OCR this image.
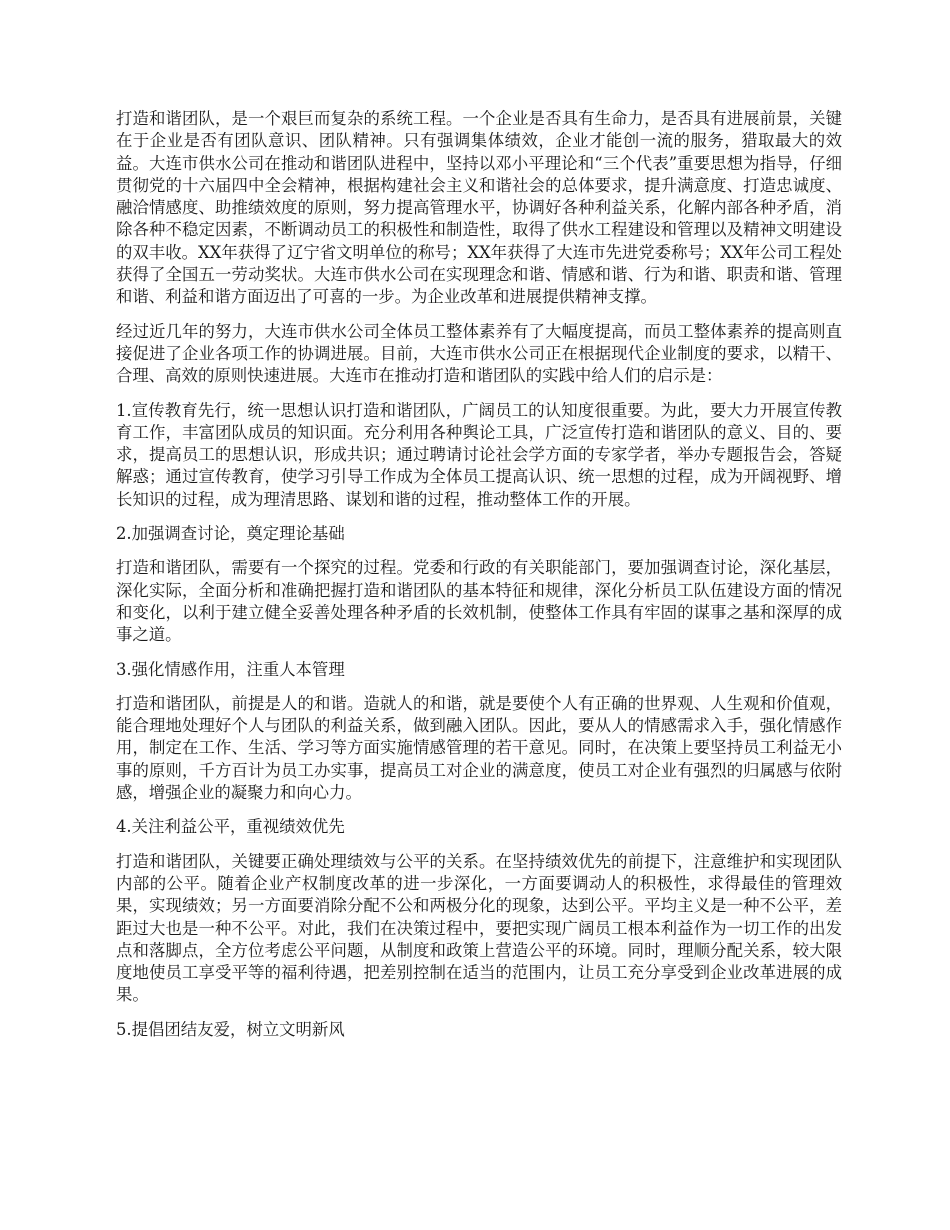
打造和谐团队，是一个艰巨而复杂的系统工程。一个企业是否具有生命力，是否具有进展前景，关键在于企业是否有团队意识、团队精神。只有强调集体绩效，企业才能创一流的服务，猎取最大的效益。大连市供水公司在推动和谐团队进程中，坚持以邓小平理论和“三个代表”重要思想为指导，仔细贯彻党的十六届四中全会精神，根据构建社会主义和谐社会的总体要求，提升满意度、打造忠诚度、融洽情感度、助推绩效度的原则，努力提高管理水平，协调好各种利益关系，化解内部各种矛盾，消除各种不稳定因素，不断调动员工的积极性和制造性，取得了供水工程建设和管理以及精神文明建设的双丰收。XX年获得了辽宁省文明单位的称号；XX年获得了大连市先进党委称号；XX年公司工程处获得了全国五一劳动奖状。大连市供水公司在实现理念和谐、情感和谐、行为和谐、职责和谐、管理和谐、利益和谐方面迈出了可喜的一步。为企业改革和进展提供精神支撑。

经过近几年的努力，大连市供水公司全体员工整体素养有了大幅度提高，而员工整体素养的提高则直接促进了企业各项工作的协调进展。目前，大连市供水公司正在根据现代企业制度的要求，以精干、合理、高效的原则快速进展。大连市在推动打造和谐团队的实践中给人们的启示是：

1.宣传教育先行，统一思想认识打造和谐团队，广阔员工的认知度很重要。为此，要大力开展宣传教育工作，丰富团队成员的知识面。充分利用各种舆论工具，广泛宣传打造和谐团队的意义、目的、要求，提高员工的思想认识，形成共识；通过聘请讨论社会学方面的专家学者，举办专题报告会，答疑解惑；通过宣传教育，使学习引导工作成为全体员工提高认识、统一思想的过程，成为开阔视野、增长知识的过程，成为理清思路、谋划和谐的过程，推动整体工作的开展。

2.加强调查讨论，奠定理论基础

打造和谐团队，需要有一个探究的过程。党委和行政的有关职能部门，要加强调查讨论，深化基层，深化实际，全面分析和准确把握打造和谐团队的基本特征和规律，深化分析员工队伍建设方面的情况和变化，以利于建立健全妥善处理各种矛盾的长效机制，使整体工作具有牢固的谋事之基和深厚的成事之道。

3.强化情感作用，注重人本管理

打造和谐团队，前提是人的和谐。造就人的和谐，就是要使个人有正确的世界观、人生观和价值观，能合理地处理好个人与团队的利益关系，做到融入团队。因此，要从人的情感需求入手，强化情感作用，制定在工作、生活、学习等方面实施情感管理的若干意见。同时，在决策上要坚持员工利益无小事的原则，千方百计为员工办实事，提高员工对企业的满意度，使员工对企业有强烈的归属感与依附感，增强企业的凝聚力和向心力。

4.关注利益公平，重视绩效优先

打造和谐团队，关键要正确处理绩效与公平的关系。在坚持绩效优先的前提下，注意维护和实现团队内部的公平。随着企业产权制度改革的进一步深化，一方面要调动人的积极性，求得最佳的管理效果，实现绩效；另一方面要消除分配不公和两极分化的现象，达到公平。平均主义是一种不公平，差距过大也是一种不公平。对此，我们在决策过程中，要把实现广阔员工根本利益作为一切工作的出发点和落脚点，全方位考虑公平问题，从制度和政策上营造公平的环境。同时，理顺分配关系，较大限度地使员工享受平等的福利待遇，把差别控制在适当的范围内，让员工充分享受到企业改革进展的成果。

5.提倡团结友爱，树立文明新风
